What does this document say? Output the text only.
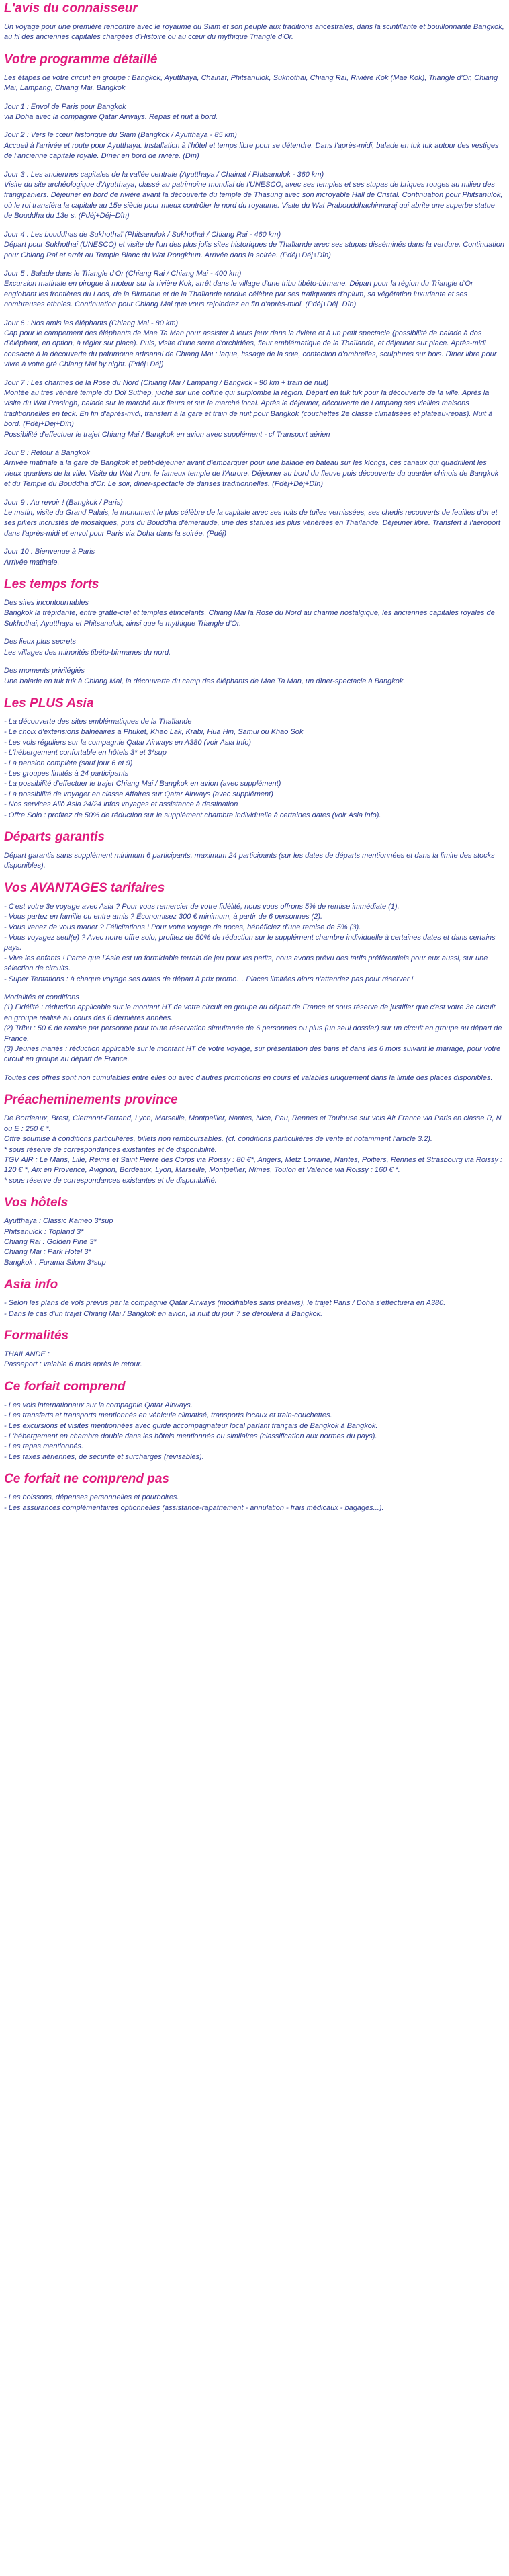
L'avis du connaisseur
Un voyage pour une première rencontre avec le royaume du Siam et son peuple aux traditions ancestrales, dans la scintillante et bouillonnante Bangkok, au fil des anciennes capitales chargées d'Histoire ou au cœur du mythique Triangle d'Or.
Votre programme détaillé
Les étapes de votre circuit en groupe : Bangkok, Ayutthaya, Chainat, Phitsanulok, Sukhothai, Chiang Rai, Rivière Kok (Mae Kok), Triangle d'Or, Chiang Mai, Lampang, Chiang Mai, Bangkok
Jour 1 : Envol de Paris pour Bangkok
via Doha avec la compagnie Qatar Airways. Repas et nuit à bord.
Jour 2 : Vers le cœur historique du Siam (Bangkok / Ayutthaya - 85 km)
Accueil à l'arrivée et route pour Ayutthaya. Installation à l'hôtel et temps libre pour se détendre. Dans l'après-midi, balade en tuk tuk autour des vestiges de l'ancienne capitale royale. Dîner en bord de rivière. (Dîn)
Jour 3 : Les anciennes capitales de la vallée centrale (Ayutthaya / Chainat / Phitsanulok - 360 km)
Visite du site archéologique d'Ayutthaya, classé au patrimoine mondial de l'UNESCO, avec ses temples et ses stupas de briques rouges au milieu des frangipaniers. Déjeuner en bord de rivière avant la découverte du temple de Thasung avec son incroyable Hall de Cristal. Continuation pour Phitsanulok, où le roi transféra la capitale au 15e siècle pour mieux contrôler le nord du royaume. Visite du Wat Prabouddhachinnaraj qui abrite une superbe statue de Bouddha du 13e s. (Pdéj+Déj+Dîn)
Jour 4 : Les bouddhas de Sukhothaï (Phitsanulok / Sukhothaï / Chiang Rai - 460 km)
Départ pour Sukhothai (UNESCO) et visite de l'un des plus jolis sites historiques de Thaïlande avec ses stupas disséminés dans la verdure. Continuation pour Chiang Rai et arrêt au Temple Blanc du Wat Rongkhun. Arrivée dans la soirée. (Pdéj+Déj+Dîn)
Jour 5 : Balade dans le Triangle d'Or (Chiang Rai / Chiang Mai - 400 km)
Excursion matinale en pirogue à moteur sur la rivière Kok, arrêt dans le village d'une tribu tibéto-birmane. Départ pour la région du Triangle d'Or englobant les frontières du Laos, de la Birmanie et de la Thaïlande rendue célèbre par ses trafiquants d'opium, sa végétation luxuriante et ses nombreuses ethnies. Continuation pour Chiang Mai que vous rejoindrez en fin d'après-midi. (Pdéj+Déj+Dîn)
Jour 6 : Nos amis les éléphants (Chiang Mai - 80 km)
Cap pour le campement des éléphants de Mae Ta Man pour assister à leurs jeux dans la rivière et à un petit spectacle (possibilité de balade à dos d'éléphant, en option, à régler sur place). Puis, visite d'une serre d'orchidées, fleur emblématique de la Thaïlande, et déjeuner sur place. Après-midi consacré à la découverte du patrimoine artisanal de Chiang Mai : laque, tissage de la soie, confection d'ombrelles, sculptures sur bois. Dîner libre pour vivre à votre gré Chiang Mai by night. (Pdéj+Déj)
Jour 7 : Les charmes de la Rose du Nord (Chiang Mai / Lampang / Bangkok - 90 km + train de nuit)
Montée au très vénéré temple du Doï Suthep, juché sur une colline qui surplombe la région. Départ en tuk tuk pour la découverte de la ville. Après la visite du Wat Prasingh, balade sur le marché aux fleurs et sur le marché local. Après le déjeuner, découverte de Lampang ses vieilles maisons traditionnelles en teck. En fin d'après-midi, transfert à la gare et train de nuit pour Bangkok (couchettes 2e classe climatisées et plateau-repas). Nuit à bord. (Pdéj+Déj+Dîn)
Possibilité d'effectuer le trajet Chiang Mai / Bangkok en avion avec supplément - cf Transport aérien
Jour 8 : Retour à Bangkok
Arrivée matinale à la gare de Bangkok et petit-déjeuner avant d'embarquer pour une balade en bateau sur les klongs, ces canaux qui quadrillent les vieux quartiers de la ville. Visite du Wat Arun, le fameux temple de l'Aurore. Déjeuner au bord du fleuve puis découverte du quartier chinois de Bangkok et du Temple du Bouddha d'Or. Le soir, dîner-spectacle de danses traditionnelles. (Pdéj+Déj+Dîn)
Jour 9 : Au revoir ! (Bangkok / Paris)
Le matin, visite du Grand Palais, le monument le plus célèbre de la capitale avec ses toits de tuiles vernissées, ses chedis recouverts de feuilles d'or et ses piliers incrustés de mosaïques, puis du Bouddha d'émeraude, une des statues les plus vénérées en Thaïlande. Déjeuner libre. Transfert à l'aéroport dans l'après-midi et envol pour Paris via Doha dans la soirée. (Pdéj)
Jour 10 : Bienvenue à Paris
Arrivée matinale.
Les temps forts
Des sites incontournables
Bangkok la trépidante, entre gratte-ciel et temples étincelants, Chiang Mai la Rose du Nord au charme nostalgique, les anciennes capitales royales de Sukhothai, Ayutthaya et Phitsanulok, ainsi que le mythique Triangle d'Or.
Des lieux plus secrets
Les villages des minorités tibéto-birmanes du nord.
Des moments privilégiés
Une balade en tuk tuk à Chiang Mai, la découverte du camp des éléphants de Mae Ta Man, un dîner-spectacle à Bangkok.
Les PLUS Asia
- La découverte des sites emblématiques de la Thaïlande
- Le choix d'extensions balnéaires à Phuket, Khao Lak, Krabi, Hua Hin, Samui ou Khao Sok
- Les vols réguliers sur la compagnie Qatar Airways en A380 (voir Asia Info)
- L'hébergement confortable en hôtels 3* et 3*sup
- La pension complète (sauf jour 6 et 9)
- Les groupes limités à 24 participants
- La possibilité d'effectuer le trajet Chiang Mai / Bangkok en avion (avec supplément)
- La possibilité de voyager en classe Affaires sur Qatar Airways (avec supplément)
- Nos services Allô Asia 24/24 infos voyages et assistance à destination
- Offre Solo : profitez de 50% de réduction sur le supplément chambre individuelle à certaines dates (voir Asia info).
Départs garantis
Départ garantis sans supplément minimum 6 participants, maximum 24 participants (sur les dates de départs mentionnées et dans la limite des stocks disponibles).
Vos AVANTAGES tarifaires
- C'est votre 3e voyage avec Asia ? Pour vous remercier de votre fidélité, nous vous offrons 5% de remise immédiate (1).
- Vous partez en famille ou entre amis ? Économisez 300 € minimum, à partir de 6 personnes (2).
- Vous venez de vous marier ? Félicitations ! Pour votre voyage de noces, bénéficiez d'une remise de 5% (3).
- Vous voyagez seul(e) ? Avec notre offre solo, profitez de 50% de réduction sur le supplément chambre individuelle à certaines dates et dans certains pays.
- Vive les enfants ! Parce que l'Asie est un formidable terrain de jeu pour les petits, nous avons prévu des tarifs préférentiels pour eux aussi, sur une sélection de circuits.
- Super Tentations : à chaque voyage ses dates de départ à prix promo… Places limitées alors n'attendez pas pour réserver !
Modalités et conditions
(1) Fidélité : réduction applicable sur le montant HT de votre circuit en groupe au départ de France et sous réserve de justifier que c'est votre 3e circuit en groupe réalisé au cours des 6 dernières années.
(2) Tribu : 50 € de remise par personne pour toute réservation simultanée de 6 personnes ou plus (un seul dossier) sur un circuit en groupe au départ de France.
(3) Jeunes mariés : réduction applicable sur le montant HT de votre voyage, sur présentation des bans et dans les 6 mois suivant le mariage, pour votre circuit en groupe au départ de France.
Toutes ces offres sont non cumulables entre elles ou avec d'autres promotions en cours et valables uniquement dans la limite des places disponibles.
Préacheminements province
De Bordeaux, Brest, Clermont-Ferrand, Lyon, Marseille, Montpellier, Nantes, Nice, Pau, Rennes et Toulouse sur vols Air France via Paris en classe R, N ou E : 250 € *.
Offre soumise à conditions particulières, billets non remboursables. (cf. conditions particulières de vente et notamment l'article 3.2).
* sous réserve de correspondances existantes et de disponibilité.
TGV AIR : Le Mans, Lille, Reims et Saint Pierre des Corps via Roissy : 80 €*, Angers, Metz Lorraine, Nantes, Poitiers, Rennes et Strasbourg via Roissy : 120 € *, Aix en Provence, Avignon, Bordeaux, Lyon, Marseille, Montpellier, Nîmes, Toulon et Valence via Roissy : 160 € *.
* sous réserve de correspondances existantes et de disponibilité.
Vos hôtels
Ayutthaya : Classic Kameo 3*sup
Phitsanulok : Topland 3*
Chiang Rai : Golden Pine 3*
Chiang Mai : Park Hotel 3*
Bangkok : Furama Silom 3*sup
Asia info
- Selon les plans de vols prévus par la compagnie Qatar Airways (modifiables sans préavis), le trajet Paris / Doha s'effectuera en A380.
- Dans le cas d'un trajet Chiang Mai / Bangkok en avion, la nuit du jour 7 se déroulera à Bangkok.
Formalités
THAILANDE :
Passeport : valable 6 mois après le retour.
Ce forfait comprend
- Les vols internationaux sur la compagnie Qatar Airways.
- Les transferts et transports mentionnés en véhicule climatisé, transports locaux et train-couchettes.
- Les excursions et visites mentionnées avec guide accompagnateur local parlant français de Bangkok à Bangkok.
- L'hébergement en chambre double dans les hôtels mentionnés ou similaires (classification aux normes du pays).
- Les repas mentionnés.
- Les taxes aériennes, de sécurité et surcharges (révisables).
Ce forfait ne comprend pas
- Les boissons, dépenses personnelles et pourboires.
- Les assurances complémentaires optionnelles (assistance-rapatriement - annulation - frais médicaux - bagages...).
